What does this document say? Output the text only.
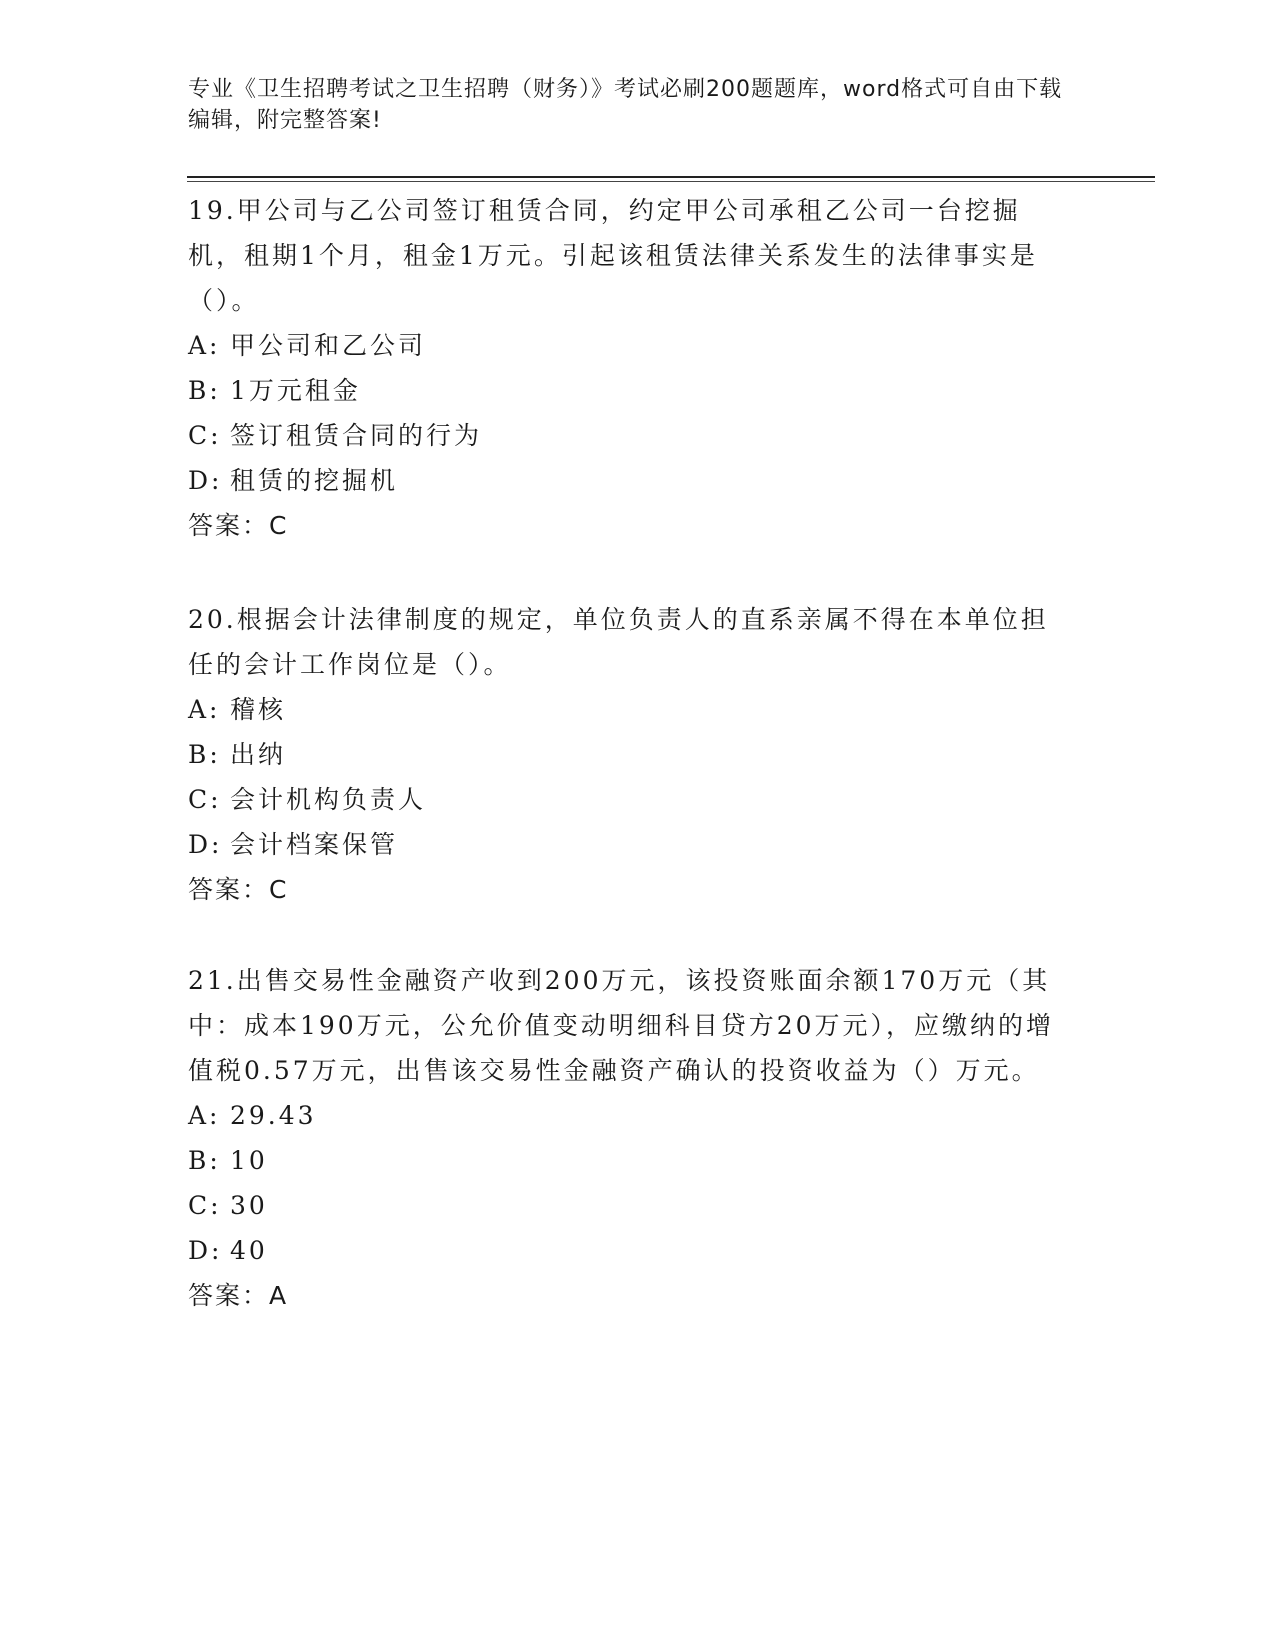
专业《卫生招聘考试之卫生招聘（财务）》考试必刷200题题库，word格式可自由下载编辑，附完整答案!

19.甲公司与乙公司签订租赁合同，约定甲公司承租乙公司一台挖掘机，租期1个月，租金1万元。引起该租赁法律关系发生的法律事实是（）。

A: 甲公司和乙公司

B: 1万元租金

C: 签订租赁合同的行为

D: 租赁的挖掘机

答案：C

20.根据会计法律制度的规定，单位负责人的直系亲属不得在本单位担任的会计工作岗位是（）。

A: 稽核

B: 出纳

C: 会计机构负责人

D: 会计档案保管

答案：C

21.出售交易性金融资产收到200万元，该投资账面余额170万元（其中：成本190万元，公允价值变动明细科目贷方20万元），应缴纳的增值税0.57万元，出售该交易性金融资产确认的投资收益为（）万元。

A: 29.43

B: 10

C: 30

D: 40

答案：A
